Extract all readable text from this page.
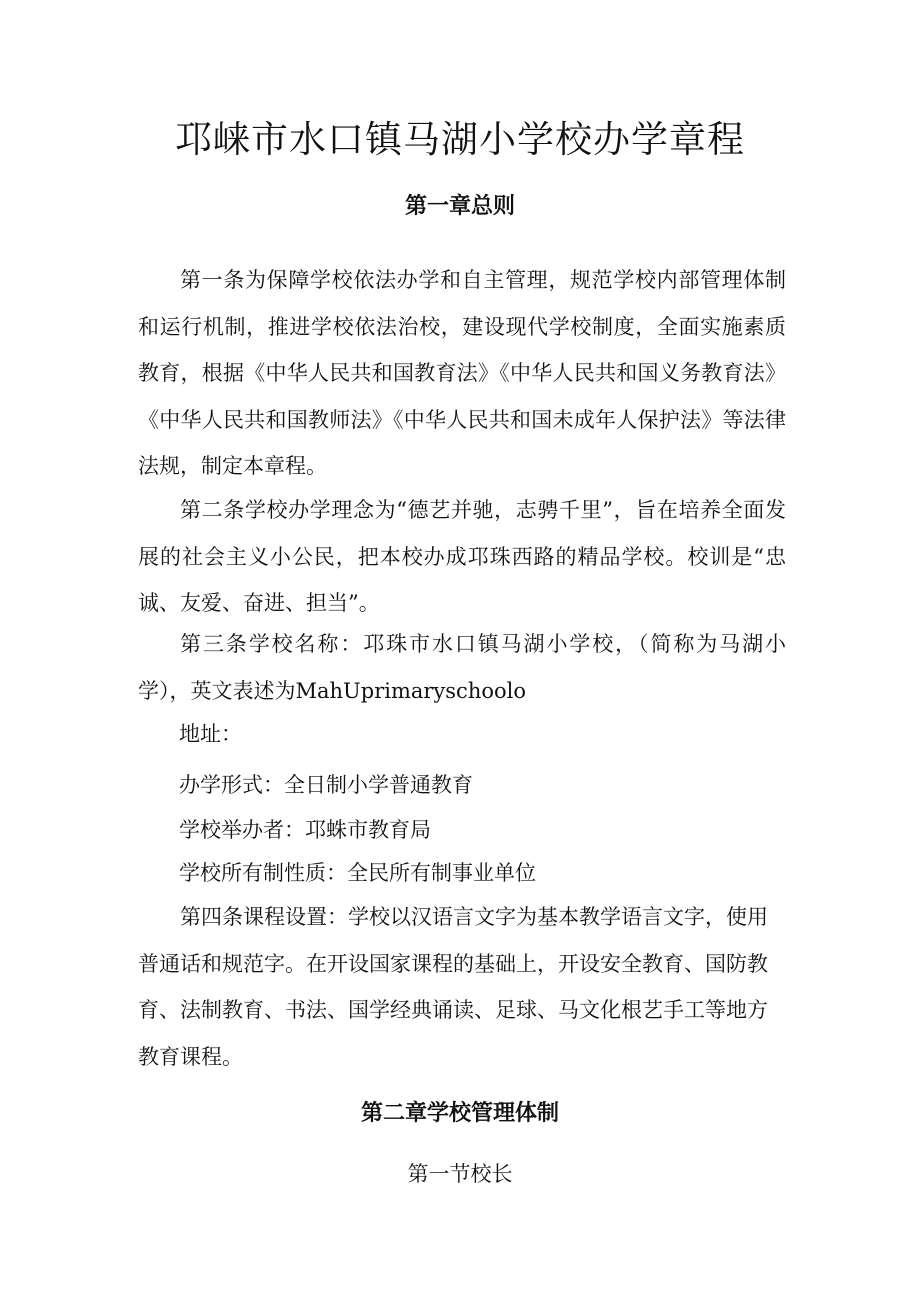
邛崃市水口镇马湖小学校办学章程
第一章总则

第一条为保障学校依法办学和自主管理，规范学校内部管理体制和运行机制，推进学校依法治校，建设现代学校制度，全面实施素质教育，根据《中华人民共和国教育法》《中华人民共和国义务教育法》《中华人民共和国教师法》《中华人民共和国未成年人保护法》等法律法规，制定本章程。

第二条学校办学理念为“德艺并驰，志骋千里”，旨在培养全面发展的社会主义小公民，把本校办成邛珠西路的精品学校。校训是“忠诚、友爱、奋进、担当”。

第三条学校名称：邛珠市水口镇马湖小学校，（简称为马湖小学），英文表述为MahUprimaryschoolo

地址：

办学形式：全日制小学普通教育

学校举办者：邛蛛市教育局

学校所有制性质：全民所有制事业单位

第四条课程设置：学校以汉语言文字为基本教学语言文字，使用普通话和规范字。在开设国家课程的基础上，开设安全教育、国防教育、法制教育、书法、国学经典诵读、足球、马文化根艺手工等地方教育课程。

第二章学校管理体制
第一节校长
